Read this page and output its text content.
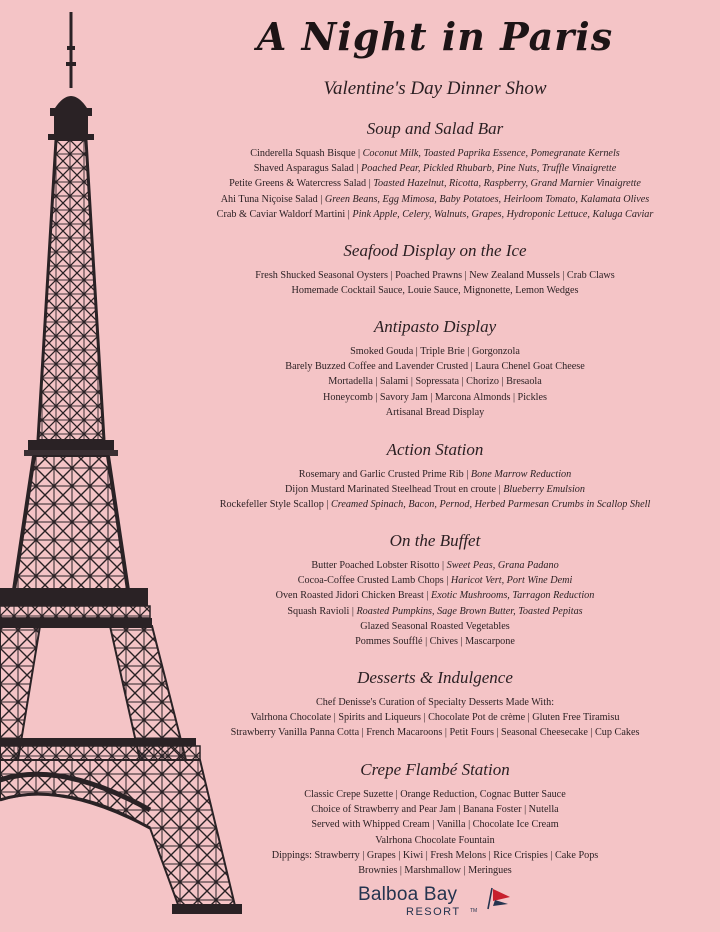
A Night in Paris
Valentine's Day Dinner Show
Soup and Salad Bar
Cinderella Squash Bisque | Coconut Milk, Toasted Paprika Essence, Pomegranate Kernels
Shaved Asparagus Salad | Poached Pear, Pickled Rhubarb, Pine Nuts, Truffle Vinaigrette
Petite Greens & Watercress Salad | Toasted Hazelnut, Ricotta, Raspberry, Grand Marnier Vinaigrette
Ahi Tuna Niçoise Salad | Green Beans, Egg Mimosa, Baby Potatoes, Heirloom Tomato, Kalamata Olives
Crab & Caviar Waldorf Martini | Pink Apple, Celery, Walnuts, Grapes, Hydroponic Lettuce, Kaluga Caviar
Seafood Display on the Ice
Fresh Shucked Seasonal Oysters | Poached Prawns | New Zealand Mussels | Crab Claws
Homemade Cocktail Sauce, Louie Sauce, Mignonette, Lemon Wedges
Antipasto Display
Smoked Gouda | Triple Brie | Gorgonzola
Barely Buzzed Coffee and Lavender Crusted | Laura Chenel Goat Cheese
Mortadella | Salami | Sopressata | Chorizo | Bresaola
Honeycomb | Savory Jam | Marcona Almonds | Pickles
Artisanal Bread Display
Action Station
Rosemary and Garlic Crusted Prime Rib | Bone Marrow Reduction
Dijon Mustard Marinated Steelhead Trout en croute | Blueberry Emulsion
Rockefeller Style Scallop | Creamed Spinach, Bacon, Pernod, Herbed Parmesan Crumbs in Scallop Shell
On the Buffet
Butter Poached Lobster Risotto | Sweet Peas, Grana Padano
Cocoa-Coffee Crusted Lamb Chops | Haricot Vert, Port Wine Demi
Oven Roasted Jidori Chicken Breast | Exotic Mushrooms, Tarragon Reduction
Squash Ravioli | Roasted Pumpkins, Sage Brown Butter, Toasted Pepitas
Glazed Seasonal Roasted Vegetables
Pommes Soufflé | Chives | Mascarpone
Desserts & Indulgence
Chef Denisse's Curation of Specialty Desserts Made With:
Valrhona Chocolate | Spirits and Liqueurs | Chocolate Pot de crème | Gluten Free Tiramisu
Strawberry Vanilla Panna Cotta | French Macaroons | Petit Fours | Seasonal Cheesecake | Cup Cakes
Crepe Flambé Station
Classic Crepe Suzette | Orange Reduction, Cognac Butter Sauce
Choice of Strawberry and Pear Jam | Banana Foster | Nutella
Served with Whipped Cream | Vanilla | Chocolate Ice Cream
Valrhona Chocolate Fountain
Dippings: Strawberry | Grapes | Kiwi | Fresh Melons | Rice Crispies | Cake Pops
Brownies | Marshmallow | Meringues
Balboa Bay
RESORT TM
